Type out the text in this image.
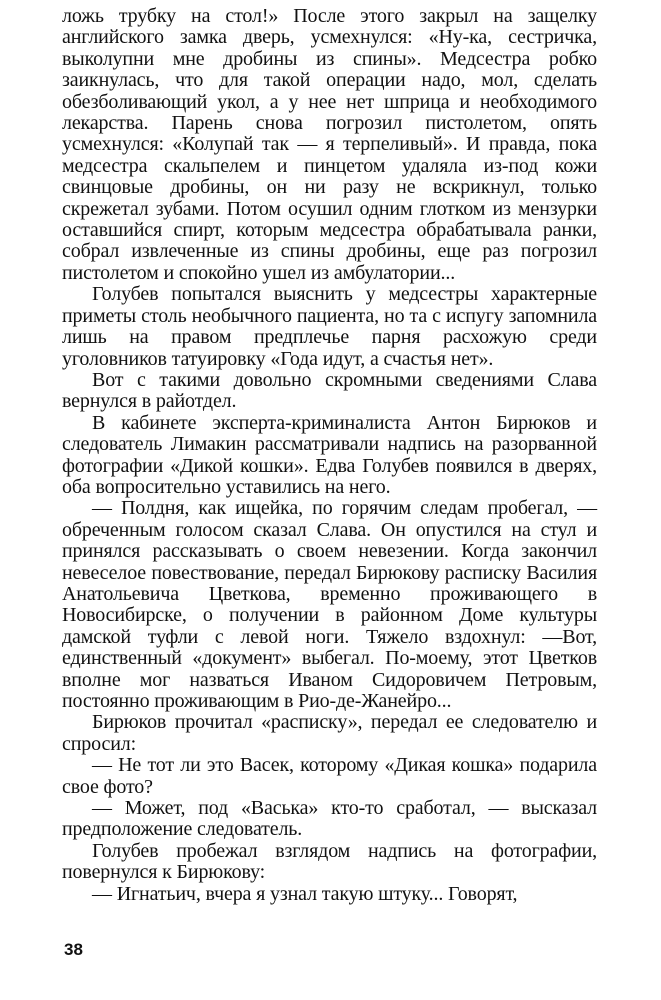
ложь трубку на стол!» После этого закрыл на защелку английского замка дверь, усмехнулся: «Ну-ка, сестричка, выколупни мне дробины из спины». Медсестра робко заикнулась, что для такой операции надо, мол, сделать обезболивающий укол, а у нее нет шприца и необходимого лекарства. Парень снова погрозил пистолетом, опять усмехнулся: «Колупай так — я терпеливый». И правда, пока медсестра скальпелем и пинцетом удаляла из-под кожи свинцовые дробины, он ни разу не вскрикнул, только скрежетал зубами. Потом осушил одним глотком из мензурки оставшийся спирт, которым медсестра обрабатывала ранки, собрал извлеченные из спины дробины, еще раз погрозил пистолетом и спокойно ушел из амбулатории...

Голубев попытался выяснить у медсестры характерные приметы столь необычного пациента, но та с испугу запомнила лишь на правом предплечье парня расхожую среди уголовников татуировку «Года идут, а счастья нет».

Вот с такими довольно скромными сведениями Слава вернулся в райотдел.

В кабинете эксперта-криминалиста Антон Бирюков и следователь Лимакин рассматривали надпись на разорванной фотографии «Дикой кошки». Едва Голубев появился в дверях, оба вопросительно уставились на него.

— Полдня, как ищейка, по горячим следам пробегал, — обреченным голосом сказал Слава. Он опустился на стул и принялся рассказывать о своем невезении. Когда закончил невеселое повествование, передал Бирюкову расписку Василия Анатольевича Цветкова, временно проживающего в Новосибирске, о получении в районном Доме культуры дамской туфли с левой ноги. Тяжело вздохнул: —Вот, единственный «документ» выбегал. По-моему, этот Цветков вполне мог назваться Иваном Сидоровичем Петровым, постоянно проживающим в Рио-де-Жанейро...

Бирюков прочитал «расписку», передал ее следователю и спросил:

— Не тот ли это Васек, которому «Дикая кошка» подарила свое фото?

— Может, под «Васька» кто-то сработал, — высказал предположение следователь.

Голубев пробежал взглядом надпись на фотографии, повернулся к Бирюкову:

— Игнатьич, вчера я узнал такую штуку... Говорят,

38
